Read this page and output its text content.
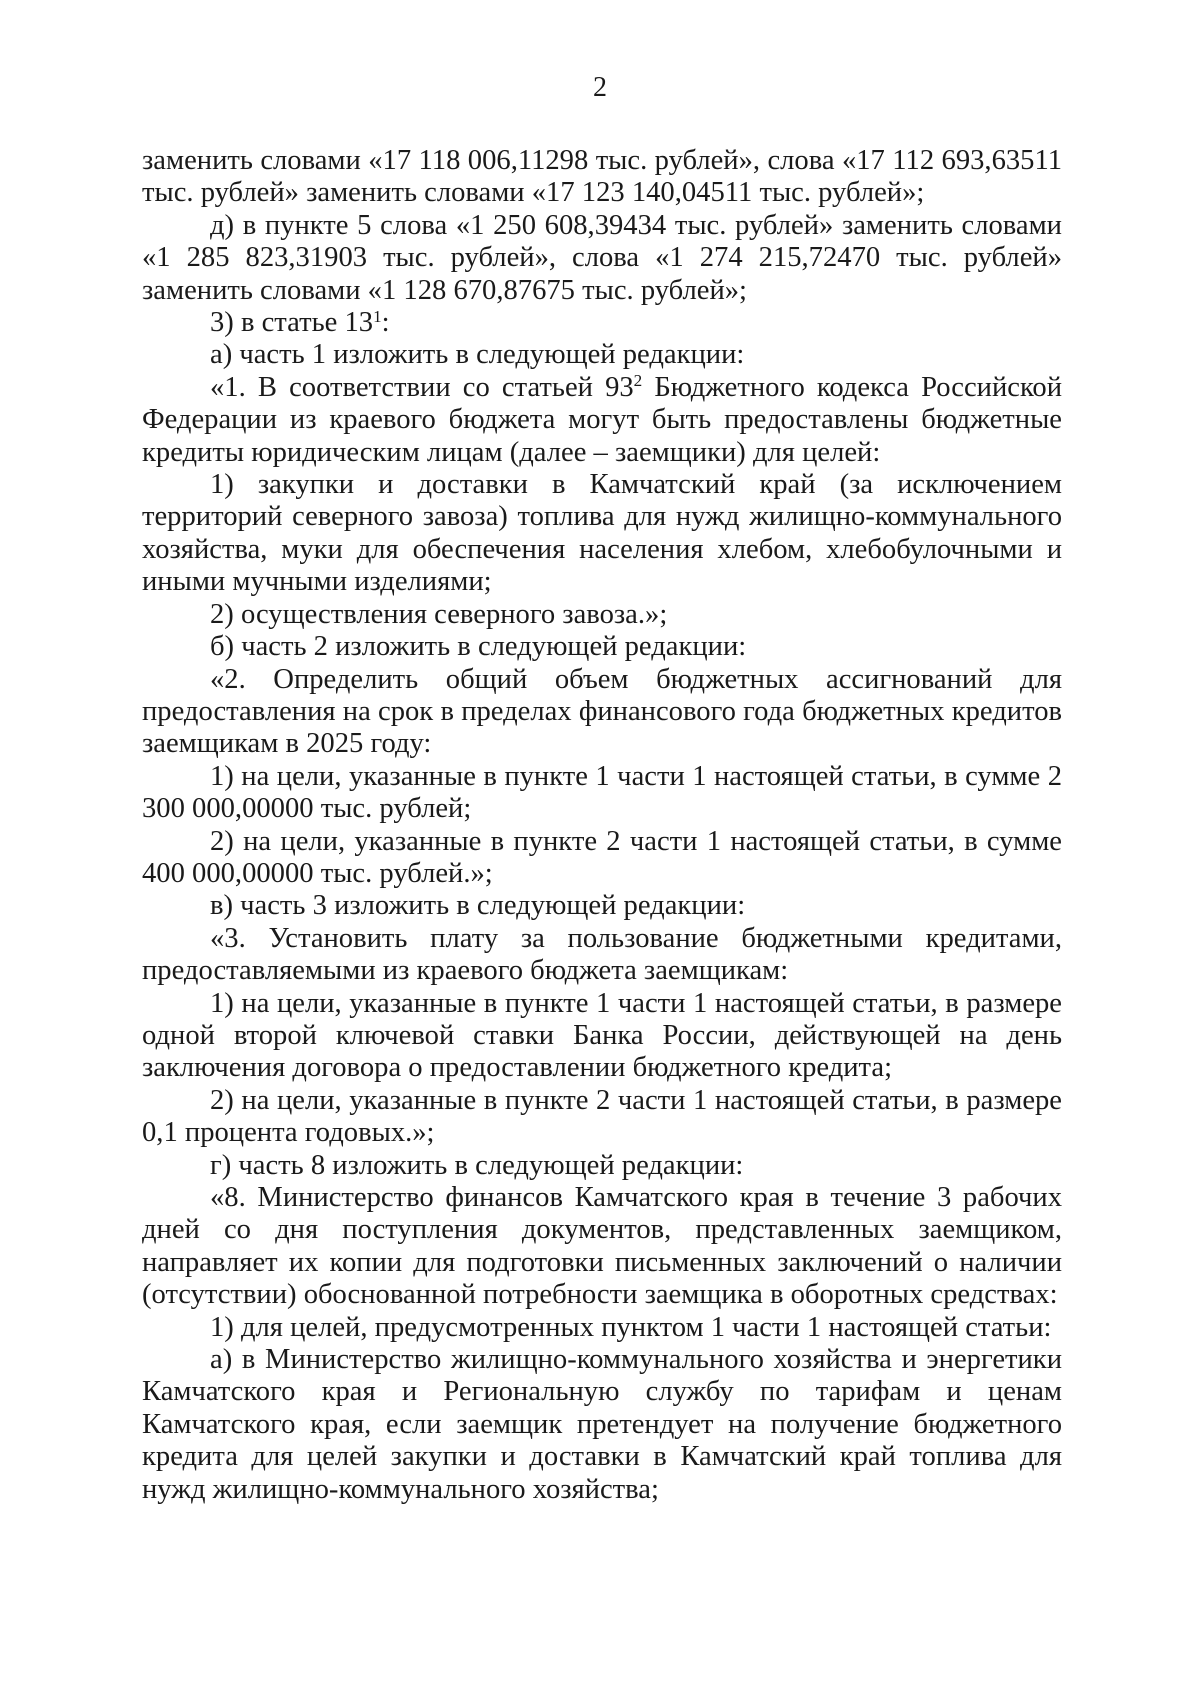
2

заменить словами «17 118 006,11298 тыс. рублей», слова «17 112 693,63511 тыс. рублей» заменить словами «17 123 140,04511 тыс. рублей»;

д) в пункте 5 слова «1 250 608,39434 тыс. рублей» заменить словами «1 285 823,31903 тыс. рублей», слова «1 274 215,72470 тыс. рублей» заменить словами «1 128 670,87675 тыс. рублей»;

3) в статье $13^1$:

а) часть 1 изложить в следующей редакции:

«1. В соответствии со статьей $93^2$ Бюджетного кодекса Российской Федерации из краевого бюджета могут быть предоставлены бюджетные кредиты юридическим лицам (далее – заемщики) для целей:

1) закупки и доставки в Камчатский край (за исключением территорий северного завоза) топлива для нужд жилищно-коммунального хозяйства, муки для обеспечения населения хлебом, хлебобулочными и иными мучными изделиями;

2) осуществления северного завоза.»;

б) часть 2 изложить в следующей редакции:

«2. Определить общий объем бюджетных ассигнований для предоставления на срок в пределах финансового года бюджетных кредитов заемщикам в 2025 году:

1) на цели, указанные в пункте 1 части 1 настоящей статьи, в сумме 2 300 000,00000 тыс. рублей;

2) на цели, указанные в пункте 2 части 1 настоящей статьи, в сумме 400 000,00000 тыс. рублей.»;

в) часть 3 изложить в следующей редакции:

«3. Установить плату за пользование бюджетными кредитами, предоставляемыми из краевого бюджета заемщикам:

1) на цели, указанные в пункте 1 части 1 настоящей статьи, в размере одной второй ключевой ставки Банка России, действующей на день заключения договора о предоставлении бюджетного кредита;

2) на цели, указанные в пункте 2 части 1 настоящей статьи, в размере 0,1 процента годовых.»;

г) часть 8 изложить в следующей редакции:

«8. Министерство финансов Камчатского края в течение 3 рабочих дней со дня поступления документов, представленных заемщиком, направляет их копии для подготовки письменных заключений о наличии (отсутствии) обоснованной потребности заемщика в оборотных средствах:

1) для целей, предусмотренных пунктом 1 части 1 настоящей статьи:

а) в Министерство жилищно-коммунального хозяйства и энергетики Камчатского края и Региональную службу по тарифам и ценам Камчатского края, если заемщик претендует на получение бюджетного кредита для целей закупки и доставки в Камчатский край топлива для нужд жилищно-коммунального хозяйства;
